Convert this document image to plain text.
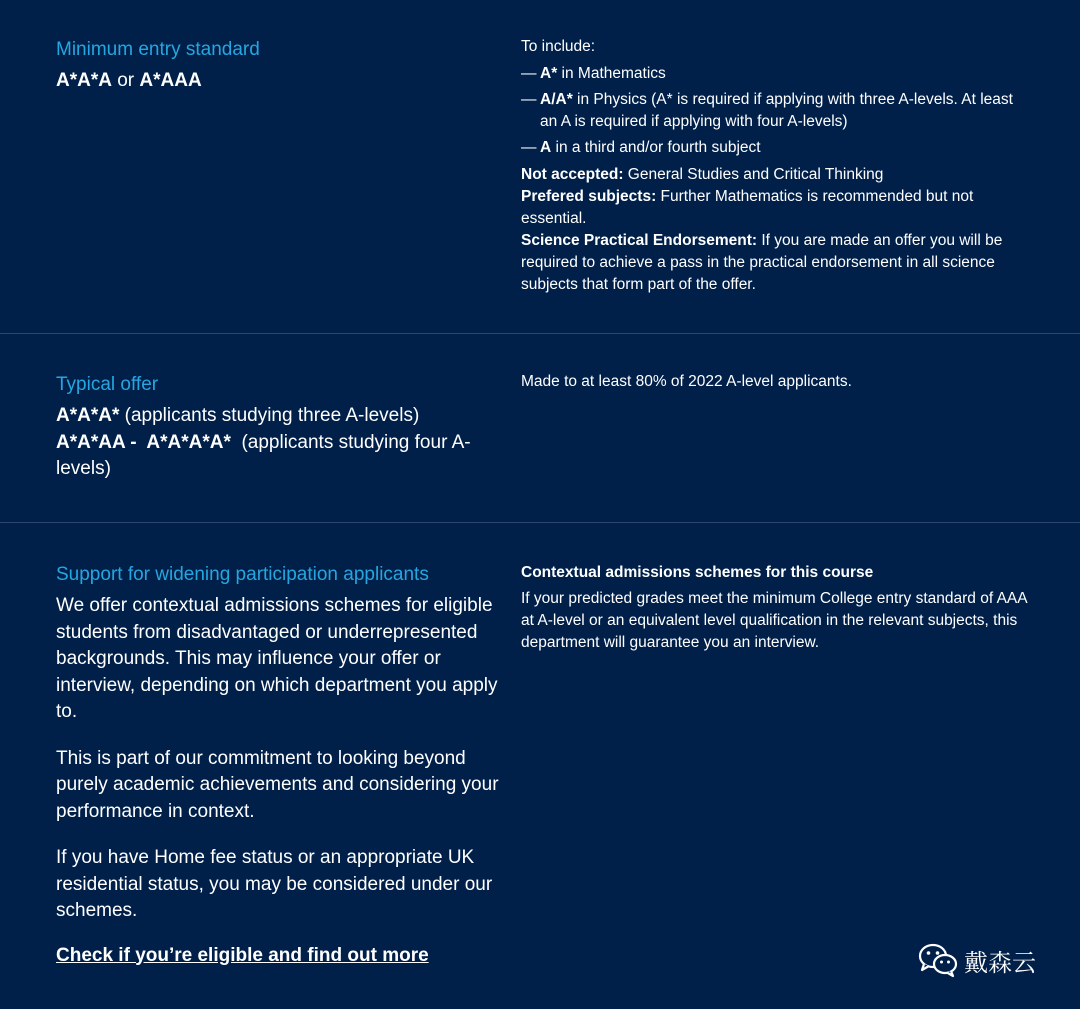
Minimum entry standard
A*A*A or A*AAA
To include:
— A* in Mathematics
— A/A* in Physics (A* is required if applying with three A-levels. At least an A is required if applying with four A-levels)
— A in a third and/or fourth subject
Not accepted: General Studies and Critical Thinking
Prefered subjects: Further Mathematics is recommended but not essential.
Science Practical Endorsement: If you are made an offer you will be required to achieve a pass in the practical endorsement in all science subjects that form part of the offer.
Typical offer
A*A*A* (applicants studying three A-levels)
A*A*AA -  A*A*A*A*  (applicants studying four A-levels)
Made to at least 80% of 2022 A-level applicants.
Support for widening participation applicants

We offer contextual admissions schemes for eligible students from disadvantaged or underrepresented backgrounds. This may influence your offer or interview, depending on which department you apply to.

This is part of our commitment to looking beyond purely academic achievements and considering your performance in context.

If you have Home fee status or an appropriate UK residential status, you may be considered under our schemes.

Check if you’re eligible and find out more
Contextual admissions schemes for this course
If your predicted grades meet the minimum College entry standard of AAA at A-level or an equivalent level qualification in the relevant subjects, this department will guarantee you an interview.
戴森云
